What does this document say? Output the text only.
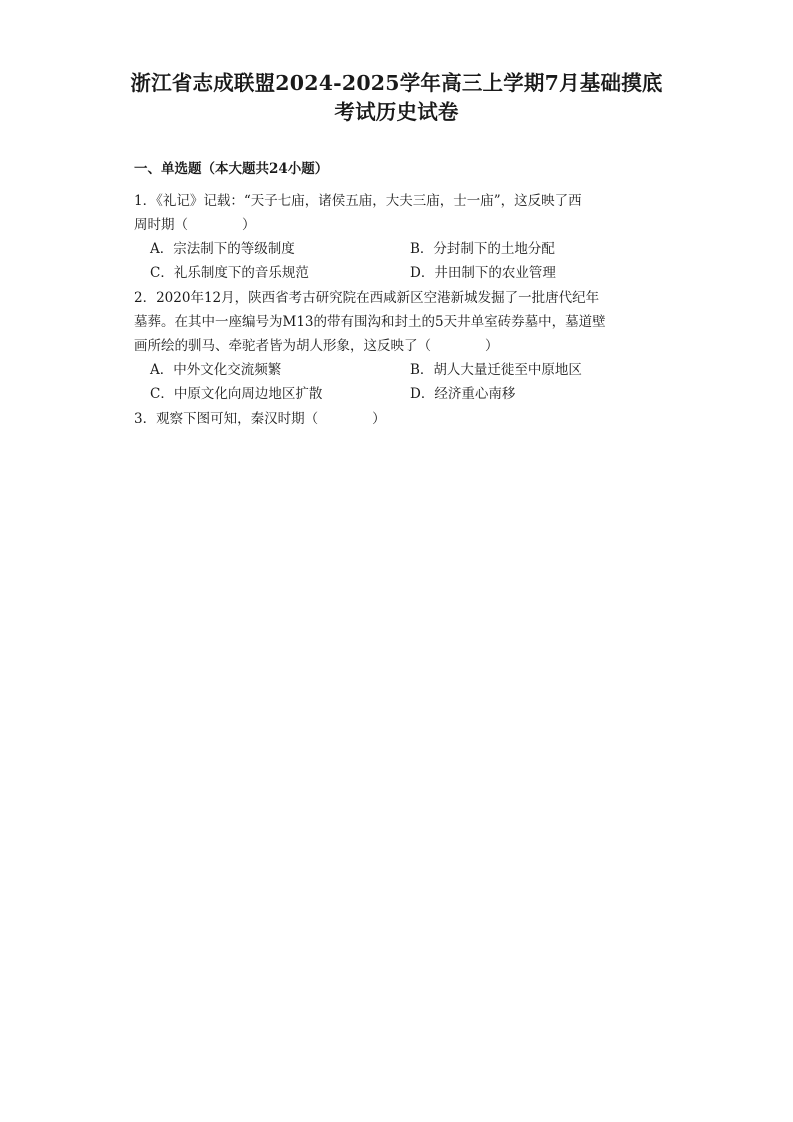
浙江省志成联盟2024-2025学年高三上学期7月基础摸底
考试历史试卷
一、单选题（本大题共24小题）
1．《礼记》记载：“天子七庙，诸侯五庙，大夫三庙，士一庙”，这反映了西
周时期（　　　　）
A．宗法制下的等级制度	B．分封制下的土地分配
C．礼乐制度下的音乐规范	D．井田制下的农业管理
2．2020年12月，陕西省考古研究院在西咸新区空港新城发掘了一批唐代纪年
墓葬。在其中一座编号为M13的带有围沟和封土的5天井单室砖券墓中，墓道壁
画所绘的驯马、牵驼者皆为胡人形象，这反映了（　　　　）
A．中外文化交流频繁	B．胡人大量迁徙至中原地区
C．中原文化向周边地区扩散	D．经济重心南移
3．观察下图可知，秦汉时期（　　　　）
